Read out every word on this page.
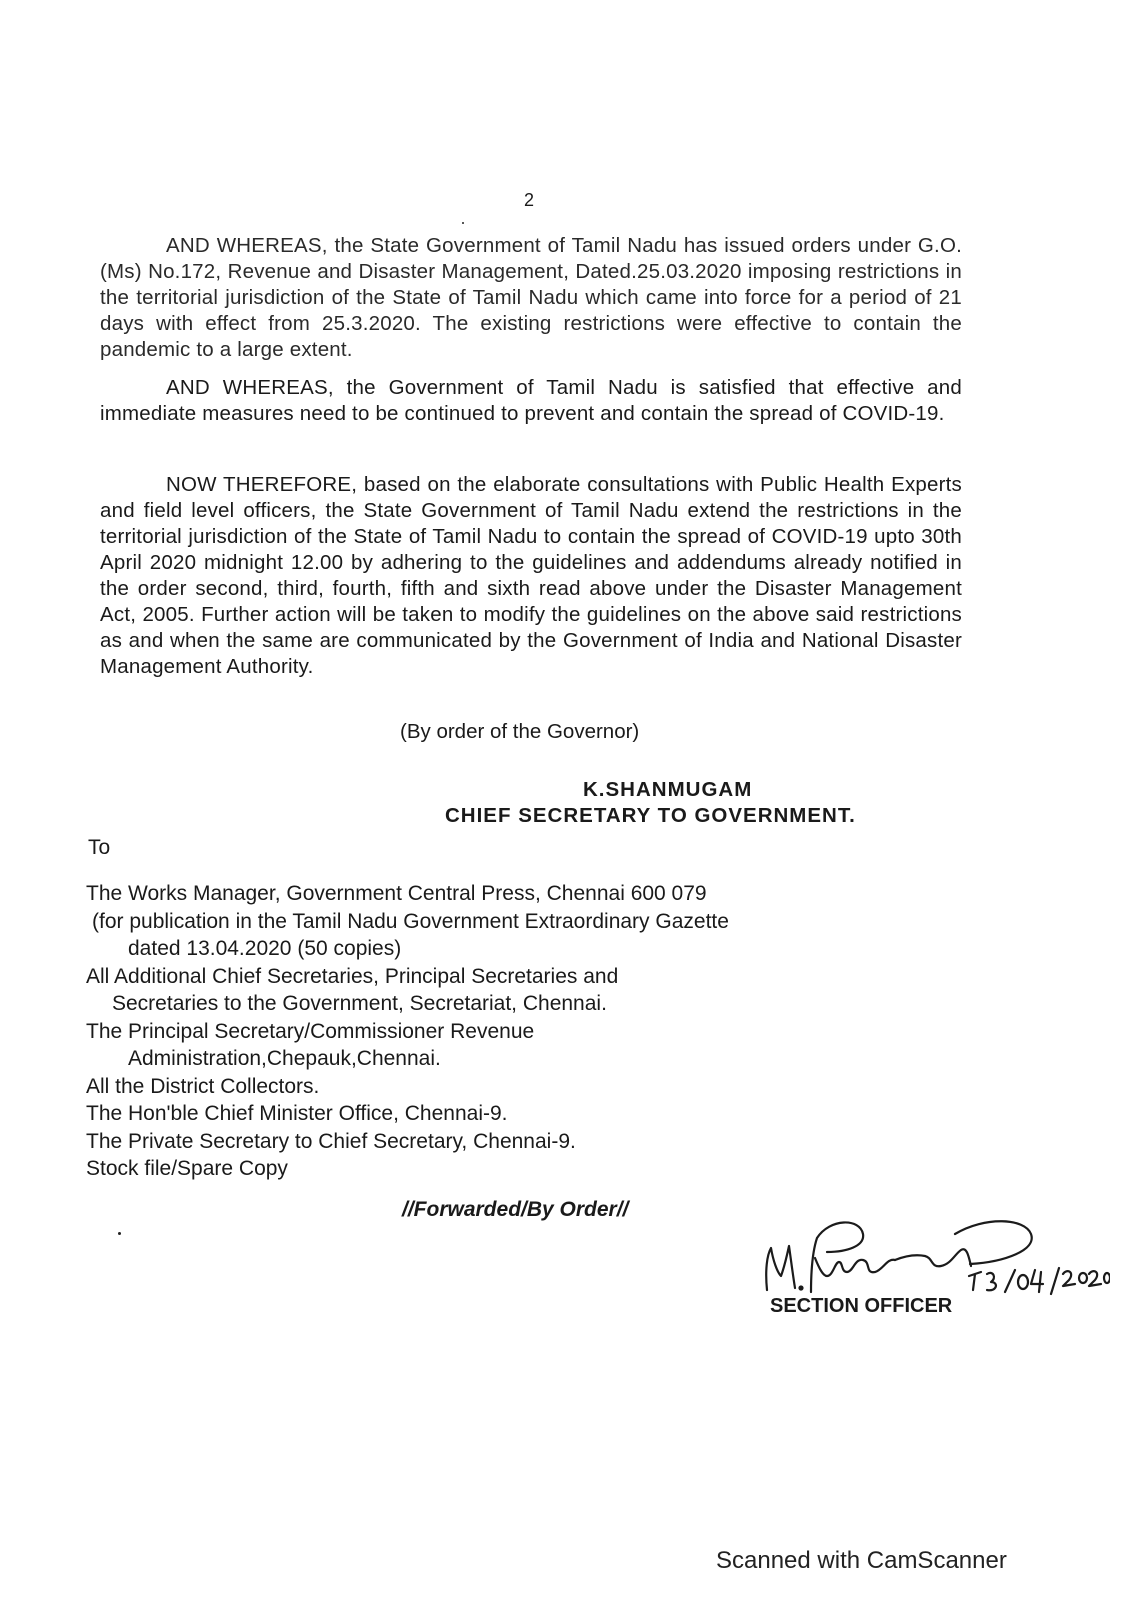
2
AND WHEREAS, the State Government of Tamil Nadu has issued orders under G.O.(Ms) No.172, Revenue and Disaster Management, Dated.25.03.2020 imposing restrictions in the territorial jurisdiction of the State of Tamil Nadu which came into force for a period of 21 days with effect from 25.3.2020. The existing restrictions were effective to contain the pandemic to a large extent.
AND WHEREAS, the Government of Tamil Nadu is satisfied that effective and immediate measures need to be continued to prevent and contain the spread of COVID-19.
NOW THEREFORE, based on the elaborate consultations with Public Health Experts and field level officers, the State Government of Tamil Nadu extend the restrictions in the territorial jurisdiction of the State of Tamil Nadu to contain the spread of COVID-19 upto 30th April 2020 midnight 12.00 by adhering to the guidelines and addendums already notified in the order second, third, fourth, fifth and sixth read above under the Disaster Management Act, 2005. Further action will be taken to modify the guidelines on the above said restrictions as and when the same are communicated by the Government of India and National Disaster Management Authority.
(By order of the Governor)
K.SHANMUGAM
CHIEF SECRETARY TO GOVERNMENT.
To
The Works Manager, Government Central Press, Chennai 600 079
(for publication in the Tamil Nadu Government Extraordinary Gazette
dated 13.04.2020 (50 copies)
All Additional Chief Secretaries, Principal Secretaries and
Secretaries to the Government, Secretariat, Chennai.
The Principal Secretary/Commissioner Revenue
Administration,Chepauk,Chennai.
All the District Collectors.
The Hon'ble Chief Minister Office, Chennai-9.
The Private Secretary to Chief Secretary, Chennai-9.
Stock file/Spare Copy
//Forwarded/By Order//
SECTION OFFICER
Scanned with CamScanner
